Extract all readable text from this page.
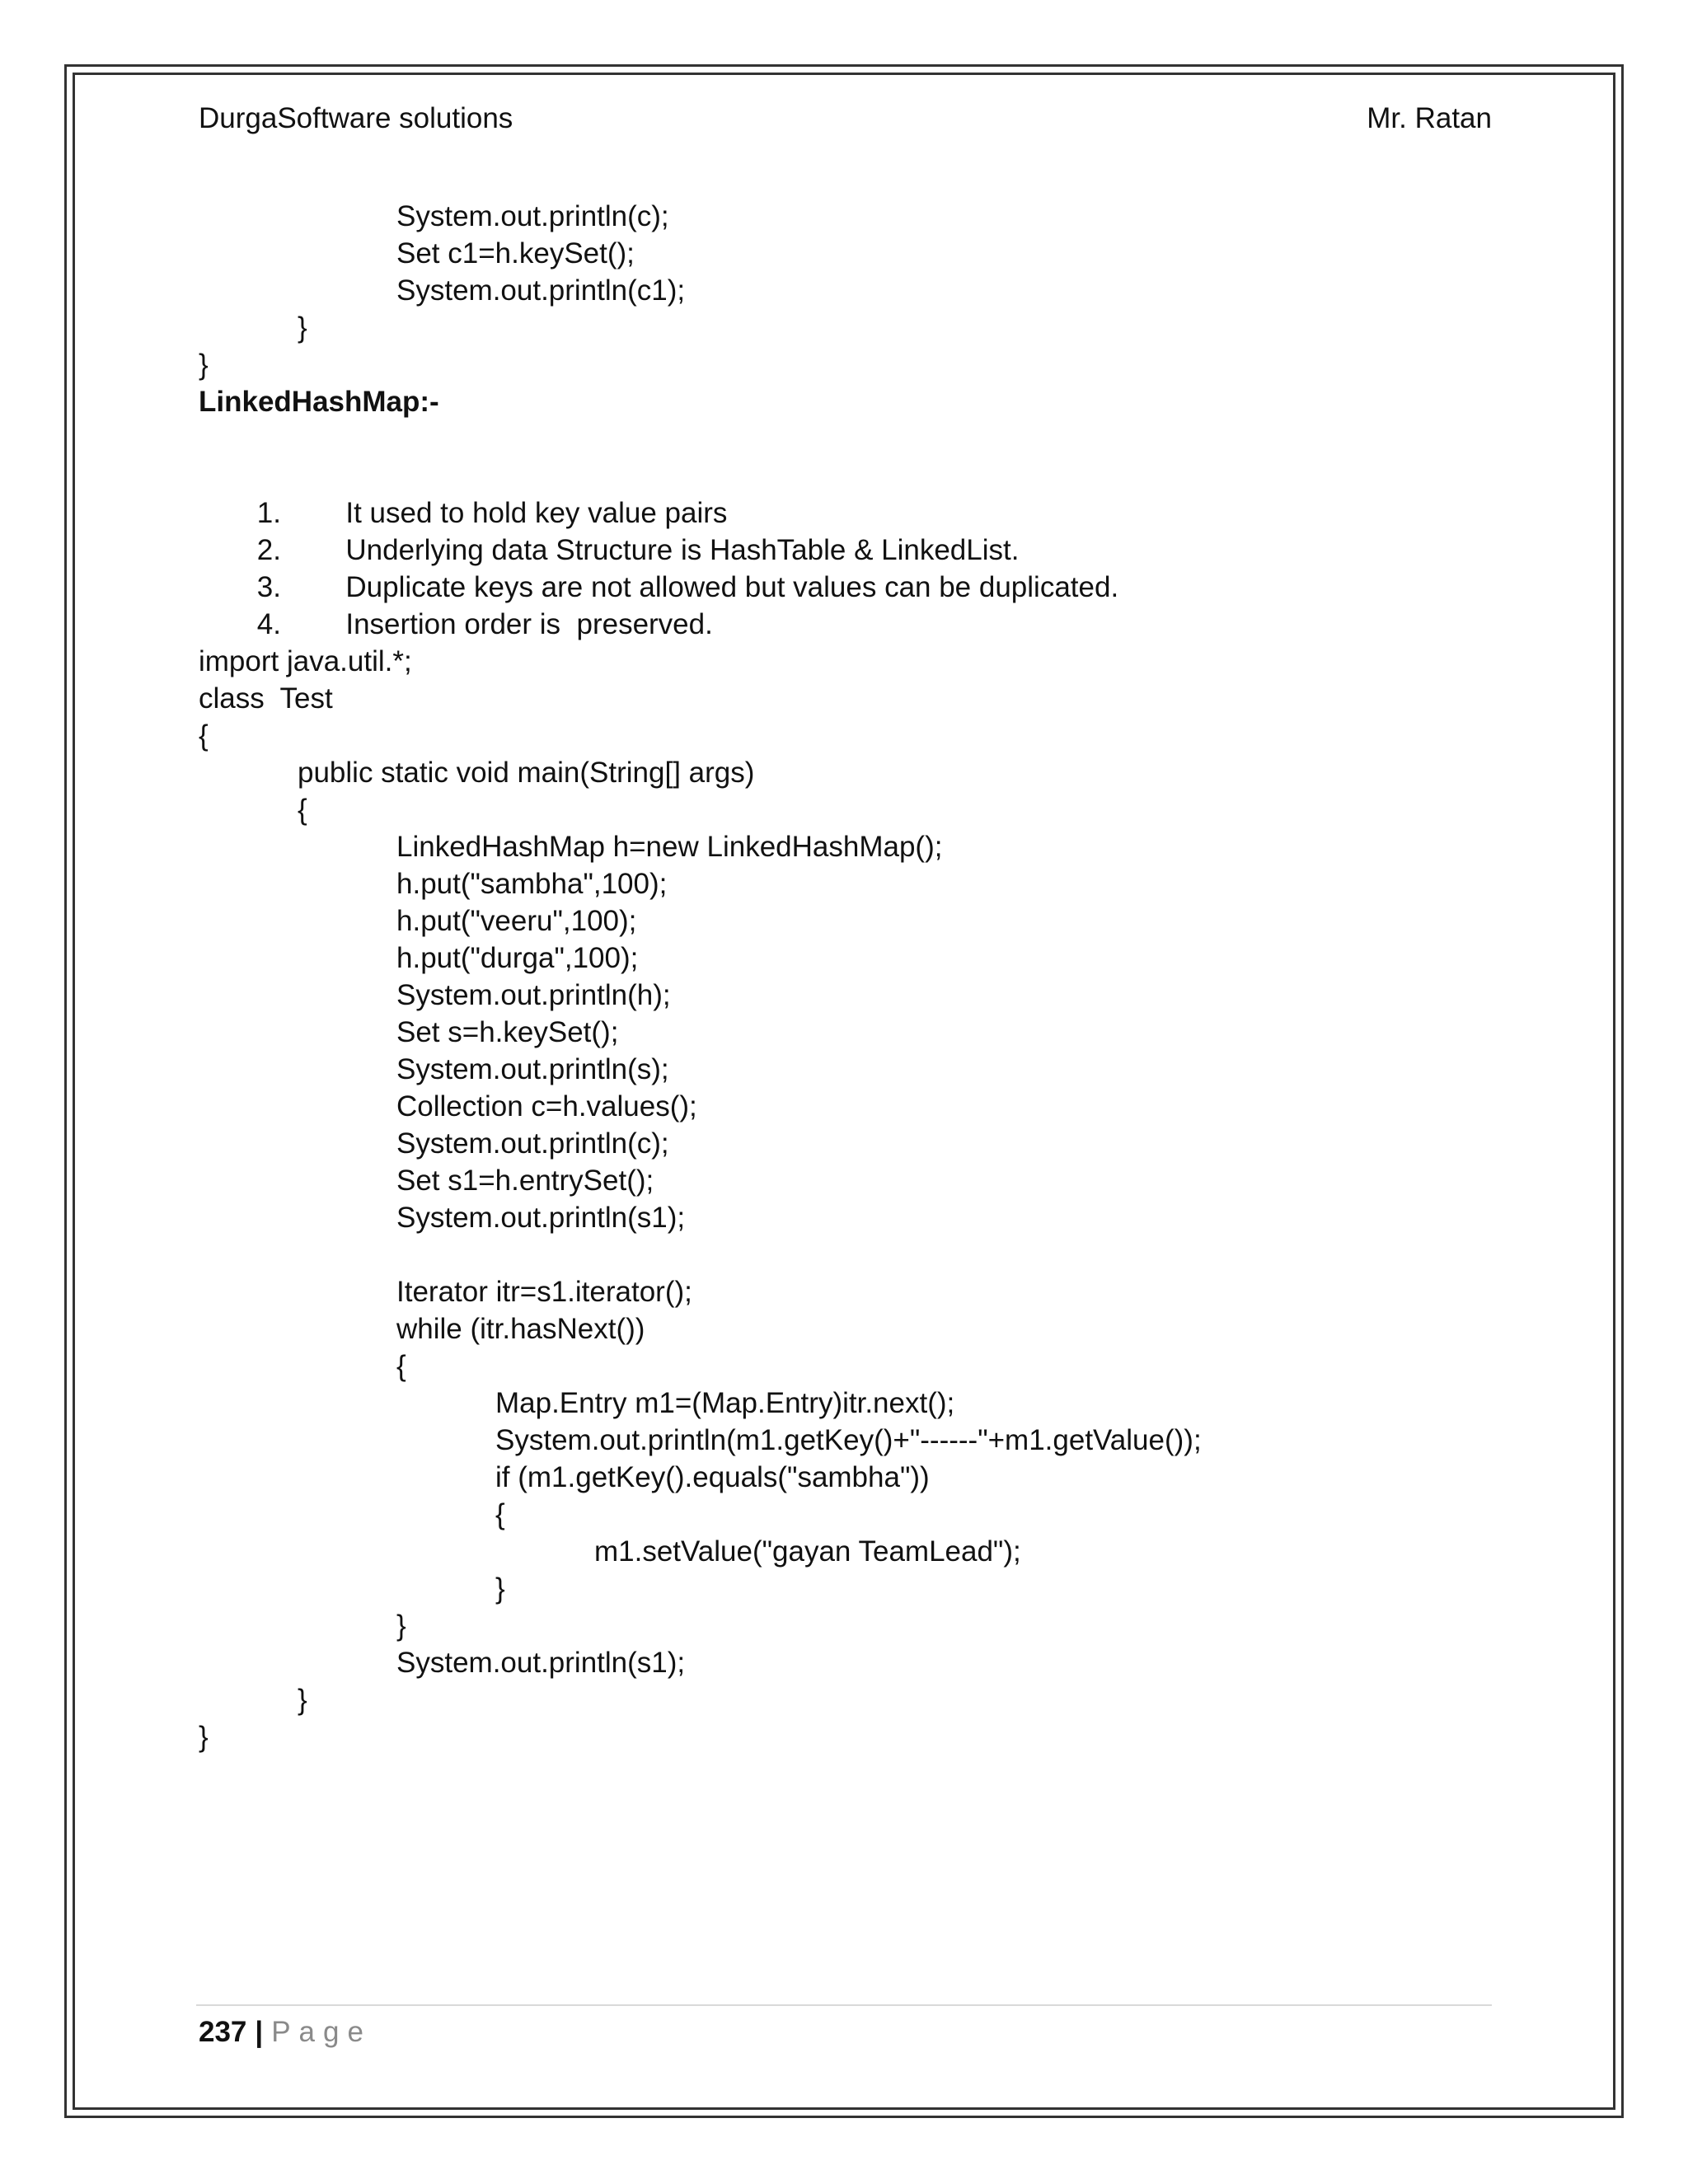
DurgaSoftware solutions	Mr. Ratan
System.out.println(c);
Set c1=h.keySet();
System.out.println(c1);
}
}
LinkedHashMap:-

1. It used to hold key value pairs

2. Underlying data Structure is HashTable & LinkedList.

3. Duplicate keys are not allowed but values can be duplicated.

4. Insertion order is  preserved.

import java.util.*;
class  Test
{
public static void main(String[] args)
{
LinkedHashMap h=new LinkedHashMap();
h.put("sambha",100);
h.put("veeru",100);
h.put("durga",100);
System.out.println(h);
Set s=h.keySet();
System.out.println(s);
Collection c=h.values();
System.out.println(c);
Set s1=h.entrySet();
System.out.println(s1);
Iterator itr=s1.iterator();
while (itr.hasNext())
{
Map.Entry m1=(Map.Entry)itr.next();
System.out.println(m1.getKey()+"------"+m1.getValue());
if (m1.getKey().equals("sambha"))
{
m1.setValue("gayan TeamLead");
}
}
System.out.println(s1);
}
}
237 | Page
